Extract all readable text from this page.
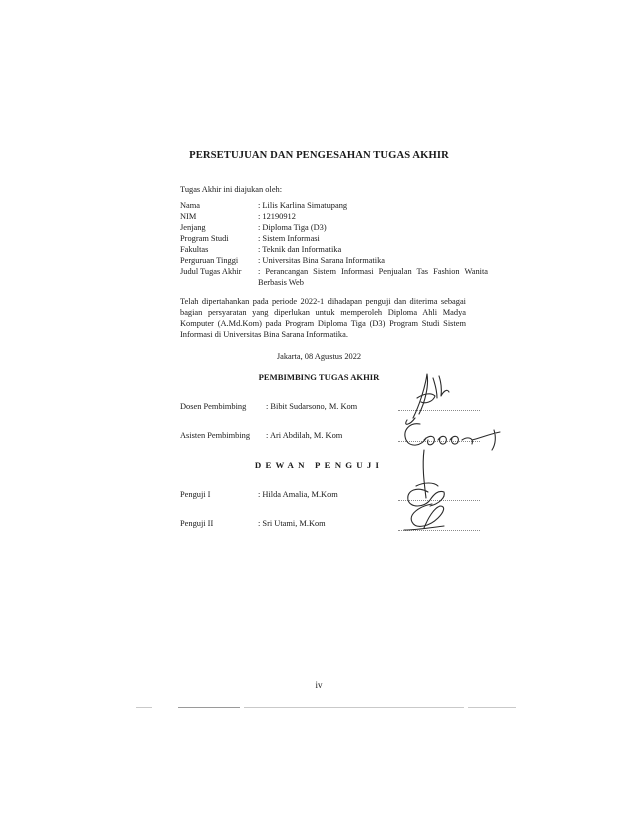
PERSETUJUAN DAN PENGESAHAN TUGAS AKHIR
Tugas Akhir ini diajukan oleh:
Nama	: Lilis Karlina Simatupang
NIM	: 12190912
Jenjang	: Diploma Tiga (D3)
Program Studi	: Sistem Informasi
Fakultas	: Teknik dan Informatika
Perguruan Tinggi : Universitas Bina Sarana Informatika
Judul Tugas Akhir : Perancangan Sistem Informasi Penjualan Tas Fashion Wanita Berbasis Web
Telah dipertahankan pada periode 2022-1 dihadapan penguji dan diterima sebagai bagian persyaratan yang diperlukan untuk memperoleh Diploma Ahli Madya Komputer (A.Md.Kom) pada Program Diploma Tiga (D3) Program Studi Sistem Informasi di Universitas Bina Sarana Informatika.
Jakarta, 08 Agustus 2022
PEMBIMBING TUGAS AKHIR
Dosen Pembimbing : Bibit Sudarsono, M. Kom
Asisten Pembimbing : Ari Abdilah, M. Kom
DEWAN PENGUJI
Penguji I	: Hilda Amalia, M.Kom
Penguji II	: Sri Utami, M.Kom
iv
